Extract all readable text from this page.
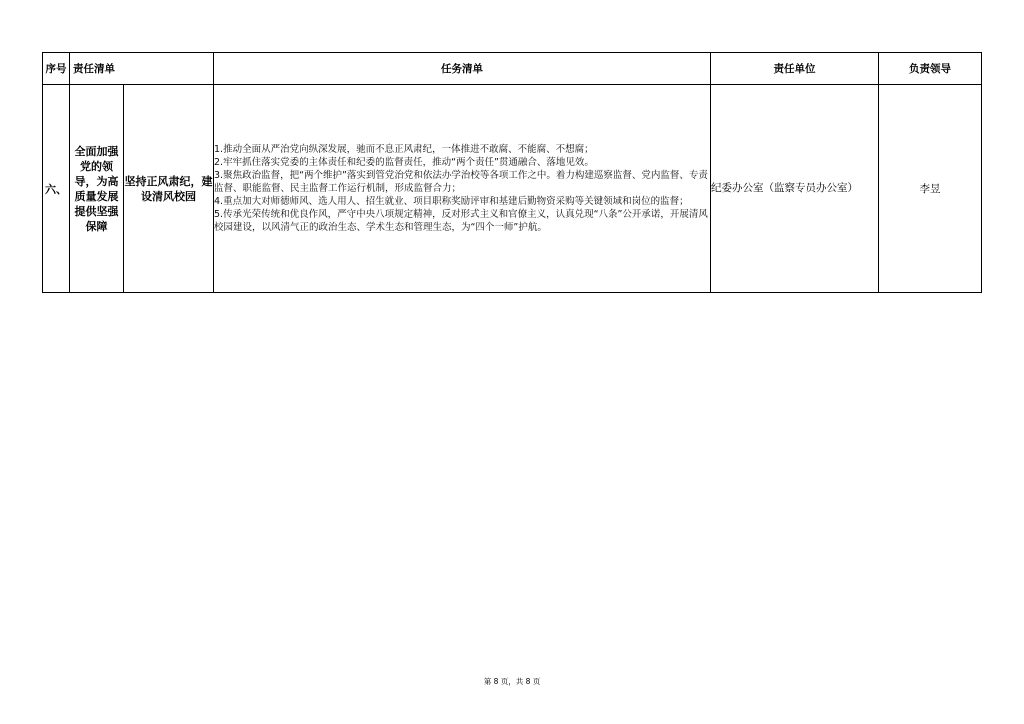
序号	责任清单		任务清单	责任单位	负责领导
六、	全面加强党的领导，为高质量发展提供坚强保障	坚持正风肃纪，建设清风校园	1.推动全面从严治党向纵深发展，驰而不息正风肃纪，一体推进不敢腐、不能腐、不想腐；
2.牢牢抓住落实党委的主体责任和纪委的监督责任，推动“两个责任”贯通融合、落地见效。
3.聚焦政治监督，把“两个维护”落实到管党治党和依法办学治校等各项工作之中。着力构建巡察监督、党内监督、专责监督、职能监督、民主监督工作运行机制，形成监督合力；
4.重点加大对师德师风、选人用人、招生就业、项目职称奖励评审和基建后勤物资采购等关键领域和岗位的监督；
5.传承光荣传统和优良作风，严守中央八项规定精神，反对形式主义和官僚主义，认真兑现“八条”公开承诺，开展清风校园建设，以风清气正的政治生态、学术生态和管理生态，为“四个一师”护航。	纪委办公室（监察专员办公室）	李昱
第 8 页，共 8 页
